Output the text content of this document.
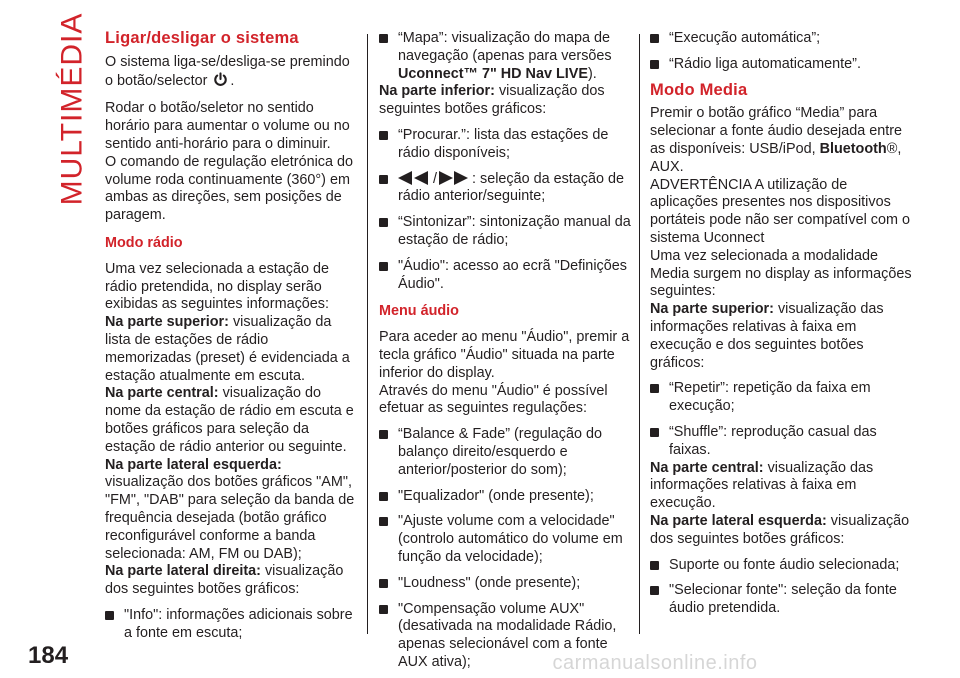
MULTIMÉDIA Ligar/desligar o sistema

O sistema liga-se/desliga-se premindo o botão/selector .

Rodar o botão/seletor no sentido horário para aumentar o volume ou no sentido anti-horário para o diminuir.

O comando de regulação eletrónica do volume roda continuamente (360°) em ambas as direções, sem posições de paragem.

Modo rádio

Uma vez selecionada a estação de rádio pretendida, no display serão exibidas as seguintes informações:

Na parte superior: visualização da lista de estações de rádio memorizadas (preset) é evidenciada a estação atualmente em escuta.
Na parte central: visualização do nome da estação de rádio em escuta e botões gráficos para seleção da estação de rádio anterior ou seguinte.
Na parte lateral esquerda: visualização dos botões gráficos "AM", "FM", "DAB" para seleção da banda de frequência desejada (botão gráfico reconfigurável conforme a banda selecionada: AM, FM ou DAB);
Na parte lateral direita: visualização dos seguintes botões gráficos:
"Info": informações adicionais sobre a fonte em escuta;
“Mapa”: visualização do mapa de navegação (apenas para versões Uconnect™ 7" HD Nav LIVE).
Na parte inferior: visualização dos seguintes botões gráficos:
“Procurar.”: lista das estações de rádio disponíveis;
/ : seleção da estação de rádio anterior/seguinte;
“Sintonizar”: sintonização manual da estação de rádio;
"Áudio": acesso ao ecrã "Definições Áudio".
Menu áudio

Para aceder ao menu "Áudio", premir a tecla gráfico "Áudio" situada na parte inferior do display.

Através do menu "Áudio" é possível efetuar as seguintes regulações:

“Balance & Fade” (regulação do balanço direito/esquerdo e anterior/posterior do som);
"Equalizador" (onde presente);
"Ajuste volume com a velocidade" (controlo automático do volume em função da velocidade);
"Loudness" (onde presente);
"Compensação volume AUX" (desativada na modalidade Rádio, apenas selecionável com a fonte AUX ativa);
“Execução automática”;
“Rádio liga automaticamente”.
Modo Media

Premir o botão gráfico “Media” para selecionar a fonte áudio desejada entre as disponíveis: USB/iPod, Bluetooth®, AUX.

ADVERTÊNCIA A utilização de aplicações presentes nos dispositivos portáteis pode não ser compatível com o sistema Uconnect

Uma vez selecionada a modalidade Media surgem no display as informações seguintes:

Na parte superior: visualização das informações relativas à faixa em execução e dos seguintes botões gráficos:
“Repetir”: repetição da faixa em execução;
“Shuffle”: reprodução casual das faixas.
Na parte central: visualização das informações relativas à faixa em execução.
Na parte lateral esquerda: visualização dos seguintes botões gráficos:
Suporte ou fonte áudio selecionada;
"Selecionar fonte": seleção da fonte áudio pretendida.
184	carmanualsonline.info
